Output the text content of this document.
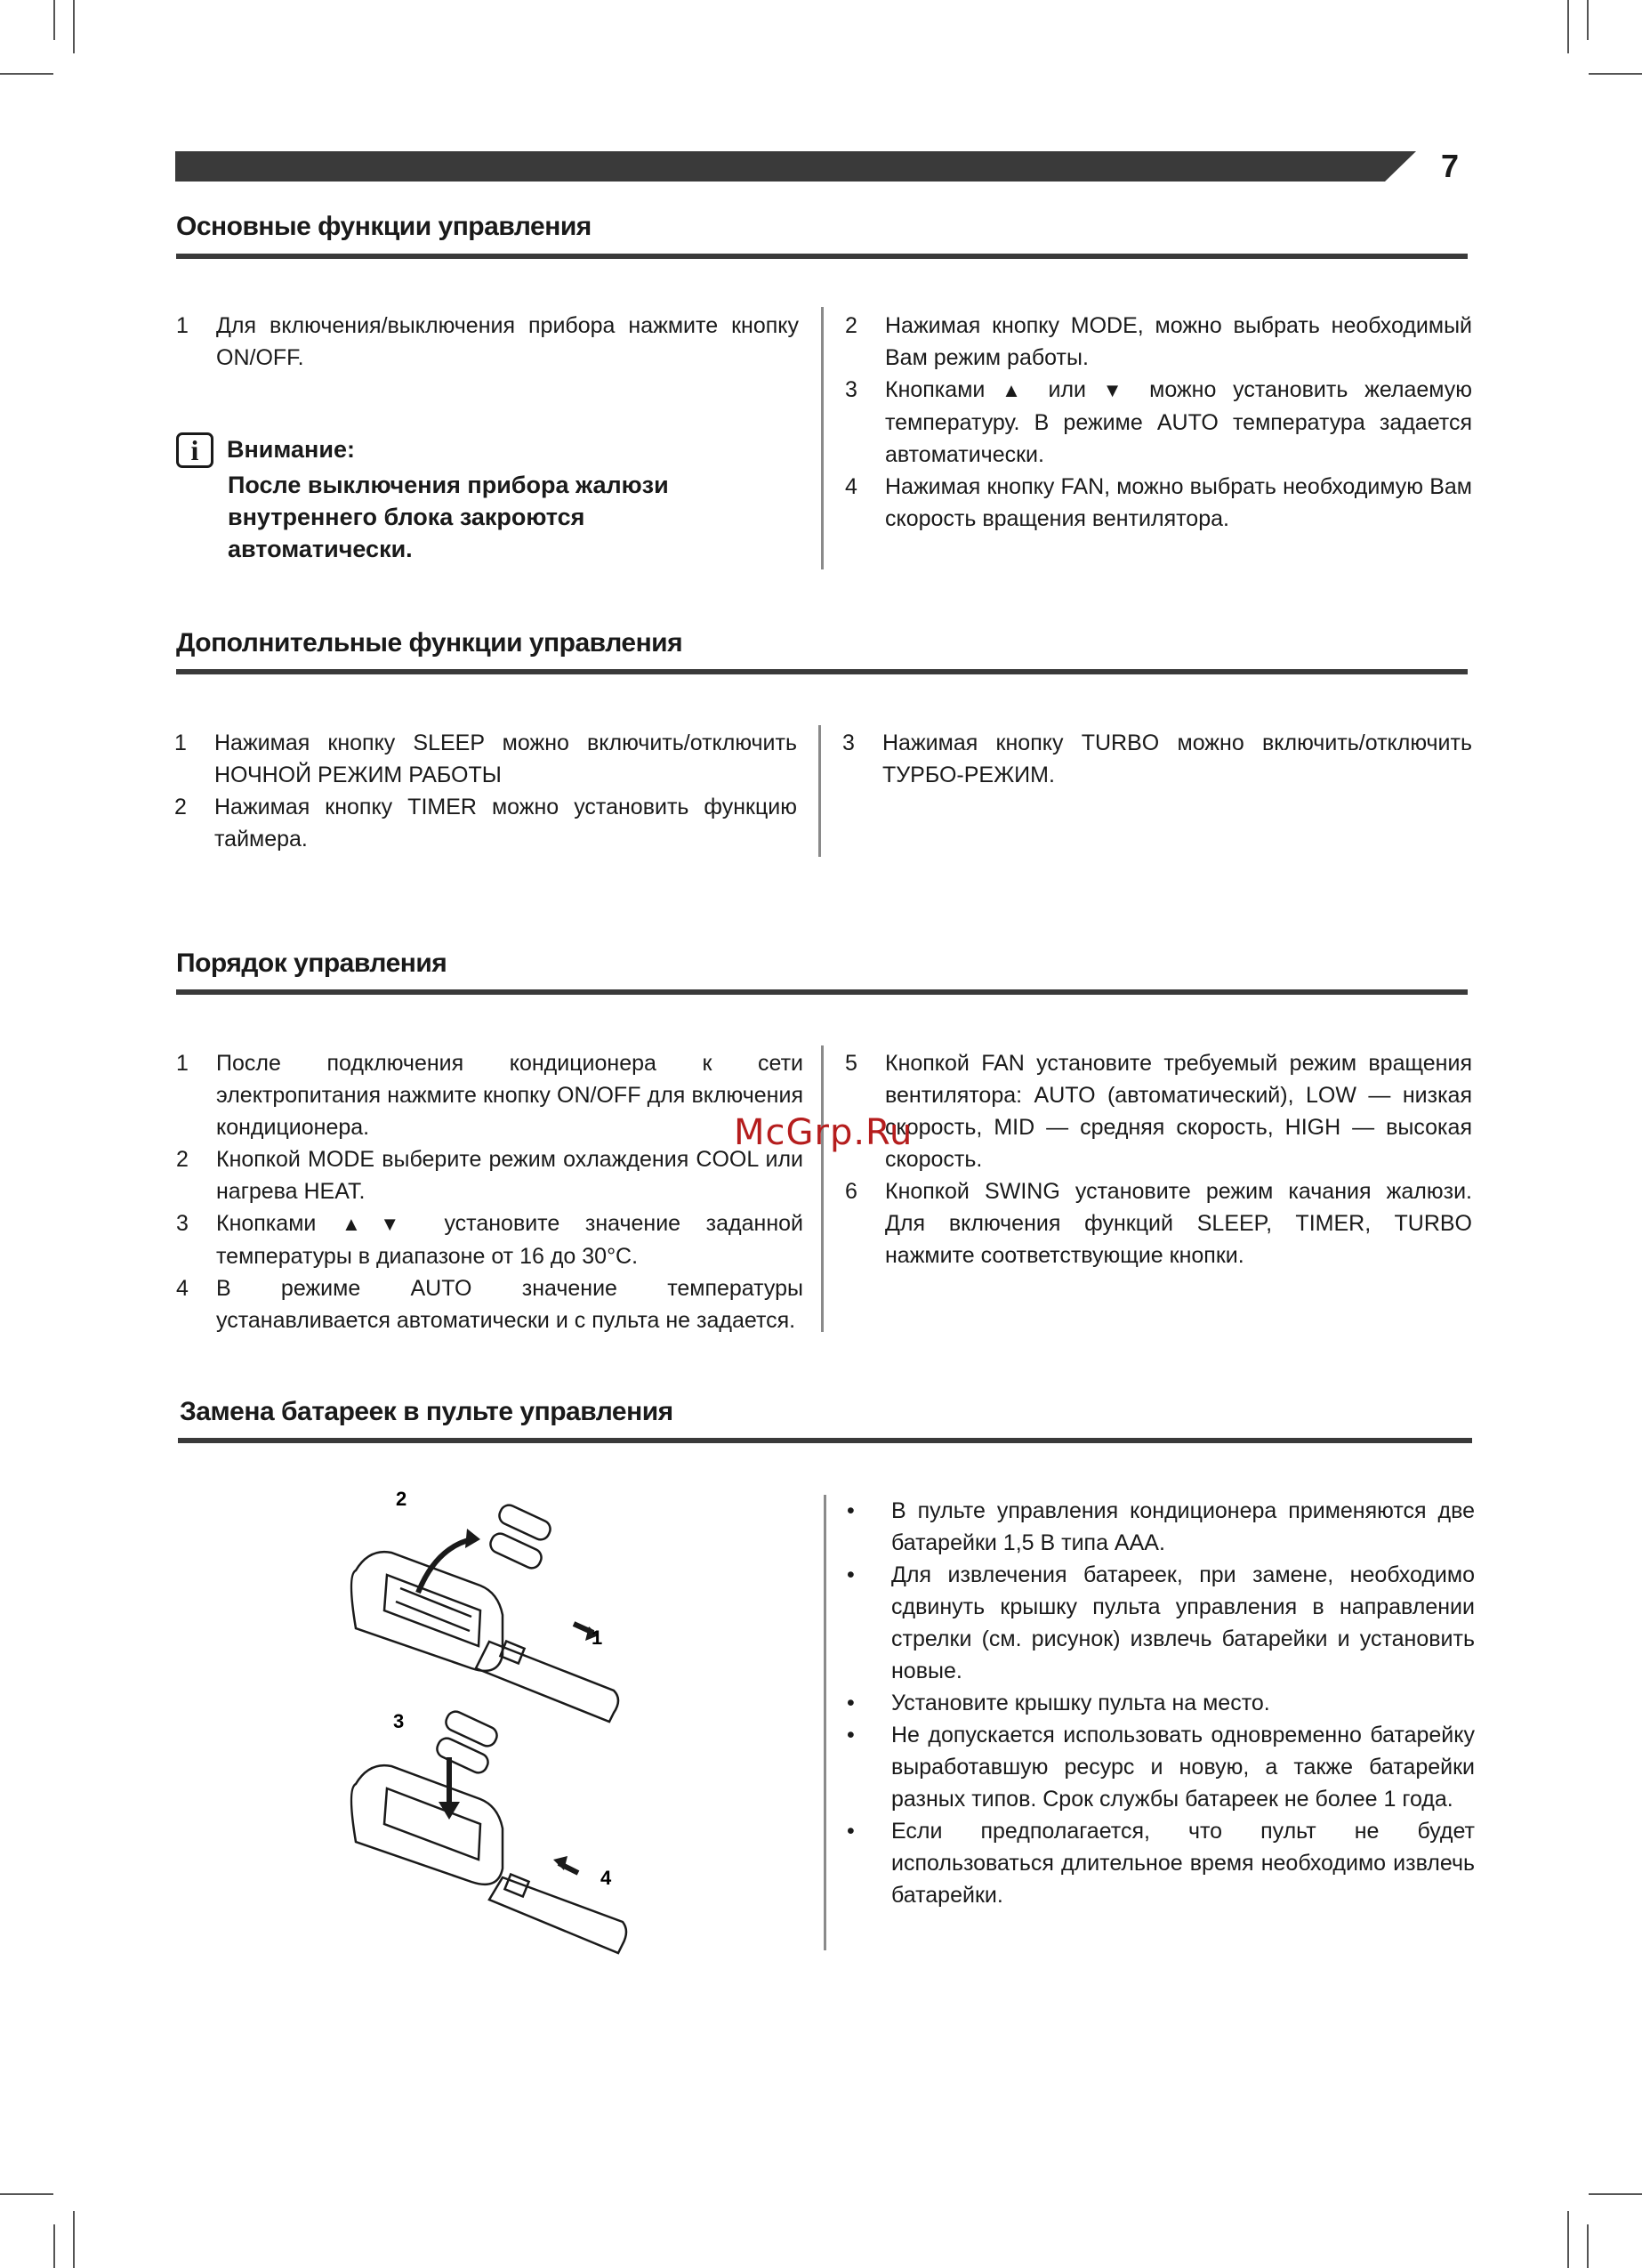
7
Основные функции управления
1	Для включения/выключения прибора нажмите кнопку ON/OFF.
i Внимание:
После выключения прибора жалюзи внутреннего блока закроются автоматически.
2	Нажимая кнопку MODE, можно выбрать необходимый Вам режим работы.
3	Кнопками ▲ или ▼ можно установить желаемую температуру. В режиме AUTO температура задается автоматически.
4	Нажимая кнопку FAN, можно выбрать необходимую Вам скорость вращения вентилятора.
Дополнительные функции управления
1	Нажимая кнопку SLEEP можно включить/отключить НОЧНОЙ РЕЖИМ РАБОТЫ
2	Нажимая кнопку TIMER можно установить функцию таймера.
3	Нажимая кнопку TURBO можно включить/отключить ТУРБО-РЕЖИМ.
Порядок управления
1	После подключения кондиционера к сети электропитания нажмите кнопку ON/OFF для включения кондиционера.
2	Кнопкой MODE выберите режим охлаждения COOL или нагрева HEAT.
3	Кнопками ▲▼ установите значение заданной температуры в диапазоне от 16 до 30°С.
4	В режиме AUTO значение температуры устанавливается автоматически и с пульта не задается.
5	Кнопкой FAN установите требуемый режим вращения вентилятора: AUTO (автоматический), LOW — низкая скорость, MID — средняя скорость, HIGH — высокая скорость.
6	Кнопкой SWING установите режим качания жалюзи. Для включения функций SLEEP, TIMER, TURBO нажмите соответствующие кнопки.
McGrp.Ru
Замена батареек в пульте управления
2
1
3
4
•	В пульте управления кондиционера применяются две батарейки 1,5 В типа AAA.
•	Для извлечения батареек, при замене, необходимо сдвинуть крышку пульта управления в направлении стрелки (см. рисунок) извлечь батарейки и установить новые.
•	Установите крышку пульта на место.
•	Не допускается использовать одновременно батарейку выработавшую ресурс и новую, а также батарейки разных типов. Срок службы батареек не более 1 года.
•	Если предполагается, что пульт не будет использоваться длительное время необходимо извлечь батарейки.
